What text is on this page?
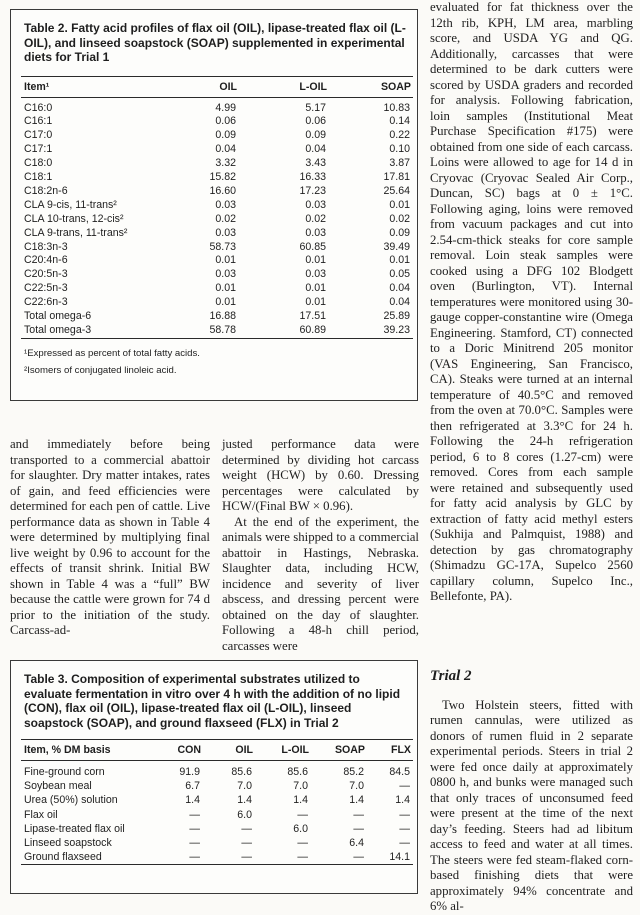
Table 2. Fatty acid profiles of flax oil (OIL), lipase-treated flax oil (L-OIL), and linseed soapstock (SOAP) supplemented in experimental diets for Trial 1
Item¹	OIL	L-OIL	SOAP
C16:0	4.99	5.17	10.83
C16:1	0.06	0.06	0.14
C17:0	0.09	0.09	0.22
C17:1	0.04	0.04	0.10
C18:0	3.32	3.43	3.87
C18:1	15.82	16.33	17.81
C18:2n-6	16.60	17.23	25.64
CLA 9-cis, 11-trans²	0.03	0.03	0.01
CLA 10-trans, 12-cis²	0.02	0.02	0.02
CLA 9-trans, 11-trans²	0.03	0.03	0.09
C18:3n-3	58.73	60.85	39.49
C20:4n-6	0.01	0.01	0.01
C20:5n-3	0.03	0.03	0.05
C22:5n-3	0.01	0.01	0.04
C22:6n-3	0.01	0.01	0.04
Total omega-6	16.88	17.51	25.89
Total omega-3	58.78	60.89	39.23
¹Expressed as percent of total fatty acids.
²Isomers of conjugated linoleic acid.

evaluated for fat thickness over the 12th rib, KPH, LM area, marbling score, and USDA YG and QG. Additionally, carcasses that were determined to be dark cutters were scored by USDA graders and recorded for analysis. Following fabrication, loin samples (Institutional Meat Purchase Specification #175) were obtained from one side of each carcass. Loins were allowed to age for 14 d in Cryovac (Cryovac Sealed Air Corp., Duncan, SC) bags at 0 ± 1°C. Following aging, loins were removed from vacuum packages and cut into 2.54-cm-thick steaks for core sample removal. Loin steak samples were cooked using a DFG 102 Blodgett oven (Burlington, VT). Internal temperatures were monitored using 30-gauge copper-constantine wire (Omega Engineering. Stamford, CT) connected to a Doric Minitrend 205 monitor (VAS Engineering, San Francisco, CA). Steaks were turned at an internal temperature of 40.5°C and removed from the oven at 70.0°C. Samples were then refrigerated at 3.3°C for 24 h. Following the 24-h refrigeration period, 6 to 8 cores (1.27-cm) were removed. Cores from each sample were retained and subsequently used for fatty acid analysis by GLC by extraction of fatty acid methyl esters (Sukhija and Palmquist, 1988) and detection by gas chromatography (Shimadzu GC-17A, Supelco 2560 capillary column, Supelco Inc., Bellefonte, PA).

and immediately before being transported to a commercial abattoir for slaughter. Dry matter intakes, rates of gain, and feed efficiencies were determined for each pen of cattle. Live performance data as shown in Table 4 were determined by multiplying final live weight by 0.96 to account for the effects of transit shrink. Initial BW shown in Table 4 was a “full” BW because the cattle were grown for 74 d prior to the initiation of the study. Carcass-ad-

justed performance data were determined by dividing hot carcass weight (HCW) by 0.60. Dressing percentages were calculated by HCW/(Final BW × 0.96).

At the end of the experiment, the animals were shipped to a commercial abattoir in Hastings, Nebraska. Slaughter data, including HCW, incidence and severity of liver abscess, and dressing percent were obtained on the day of slaughter. Following a 48-h chill period, carcasses were

Table 3. Composition of experimental substrates utilized to evaluate fermentation in vitro over 4 h with the addition of no lipid (CON), flax oil (OIL), lipase-treated flax oil (L-OIL), linseed soapstock (SOAP), and ground flaxseed (FLX) in Trial 2
Item, % DM basis	CON	OIL	L-OIL	SOAP	FLX
Fine-ground corn	91.9	85.6	85.6	85.2	84.5
Soybean meal	6.7	7.0	7.0	7.0	—
Urea (50%) solution	1.4	1.4	1.4	1.4	1.4
Flax oil	—	6.0	—	—	—
Lipase-treated flax oil	—	—	6.0	—	—
Linseed soapstock	—	—	—	6.4	—
Ground flaxseed	—	—	—	—	14.1
Trial 2

Two Holstein steers, fitted with rumen cannulas, were utilized as donors of rumen fluid in 2 separate experimental periods. Steers in trial 2 were fed once daily at approximately 0800 h, and bunks were managed such that only traces of unconsumed feed were present at the time of the next day’s feeding. Steers had ad libitum access to feed and water at all times. The steers were fed steam-flaked corn-based finishing diets that were approximately 94% concentrate and 6% al-
